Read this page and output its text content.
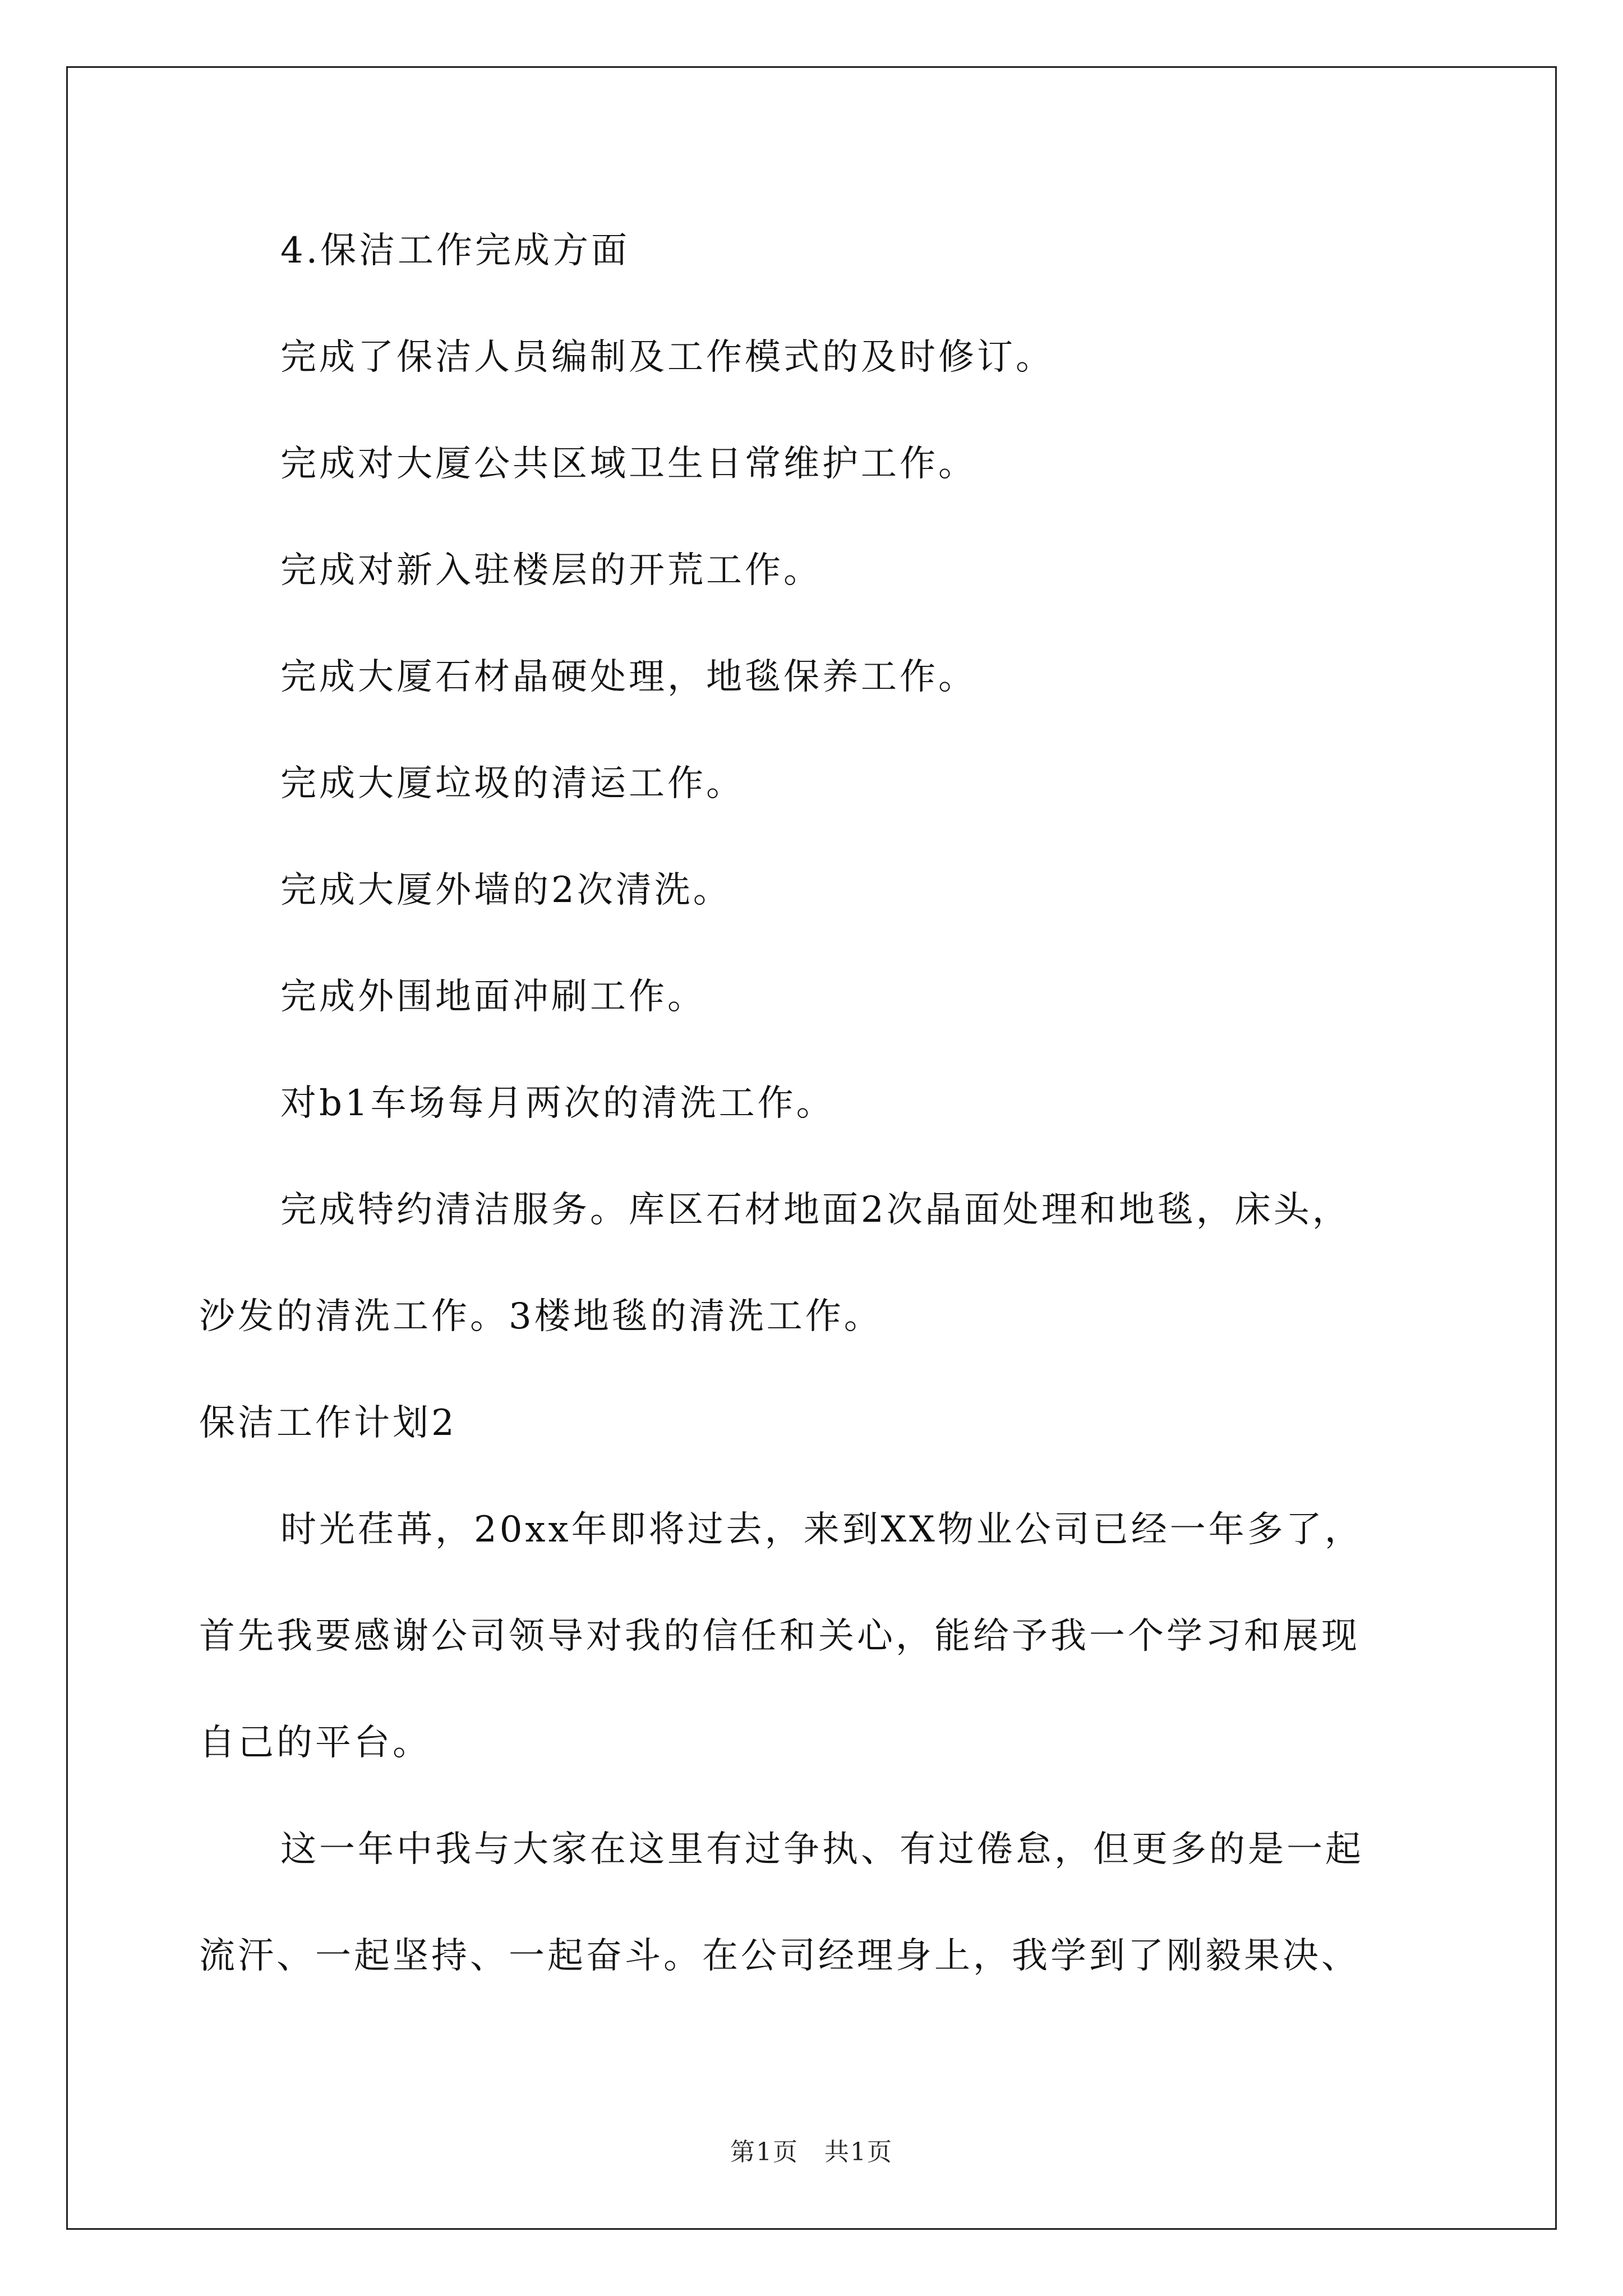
4.保洁工作完成方面

完成了保洁人员编制及工作模式的及时修订。

完成对大厦公共区域卫生日常维护工作。

完成对新入驻楼层的开荒工作。

完成大厦石材晶硬处理，地毯保养工作。

完成大厦垃圾的清运工作。

完成大厦外墙的2次清洗。

完成外围地面冲刷工作。

对b1车场每月两次的清洗工作。

完成特约清洁服务。库区石材地面2次晶面处理和地毯，床头，

沙发的清洗工作。3楼地毯的清洗工作。

保洁工作计划2

时光荏苒，20xx年即将过去，来到XX物业公司已经一年多了，

首先我要感谢公司领导对我的信任和关心，能给予我一个学习和展现

自己的平台。

这一年中我与大家在这里有过争执、有过倦怠，但更多的是一起

流汗、一起坚持、一起奋斗。在公司经理身上，我学到了刚毅果决、

第1页　共1页
